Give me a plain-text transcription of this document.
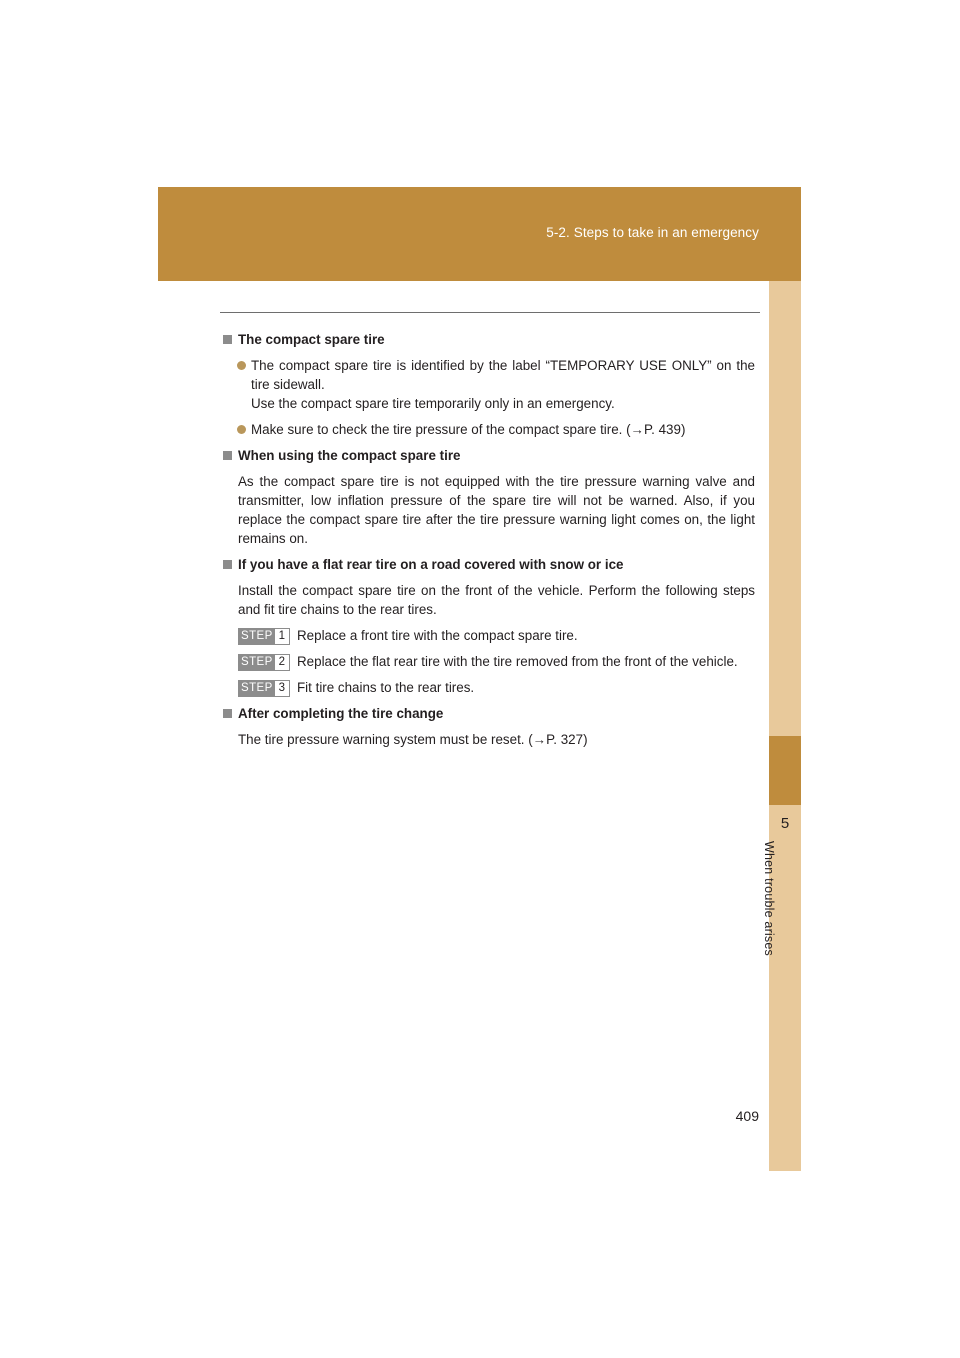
5-2. Steps to take in an emergency
5
When trouble arises
The compact spare tire
The compact spare tire is identified by the label “TEMPORARY USE ONLY” on the tire sidewall.
Use the compact spare tire temporarily only in an emergency.
Make sure to check the tire pressure of the compact spare tire. (→P. 439)
When using the compact spare tire
As the compact spare tire is not equipped with the tire pressure warning valve and transmitter, low inflation pressure of the spare tire will not be warned. Also, if you replace the compact spare tire after the tire pressure warning light comes on, the light remains on.
If you have a flat rear tire on a road covered with snow or ice
Install the compact spare tire on the front of the vehicle. Perform the following steps and fit tire chains to the rear tires.
STEP 1 Replace a front tire with the compact spare tire.
STEP 2 Replace the flat rear tire with the tire removed from the front of the vehicle.
STEP 3 Fit tire chains to the rear tires.
After completing the tire change
The tire pressure warning system must be reset. (→P. 327)
409
